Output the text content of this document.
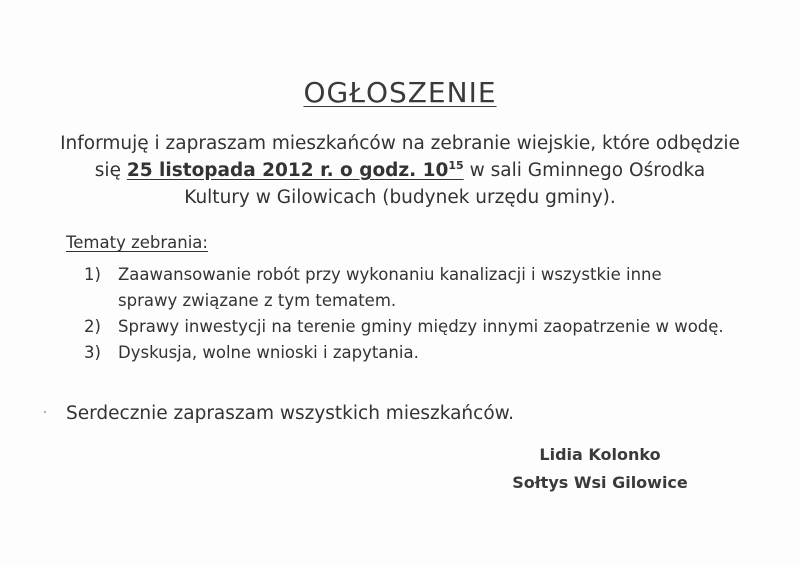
OGŁOSZENIE
Informuję i zapraszam mieszkańców na zebranie wiejskie, które odbędzie się 25 listopada 2012 r. o godz. $10^{15}$ w sali Gminnego Ośrodka Kultury w Gilowicach (budynek urzędu gminy).
Tematy zebrania:
1) Zaawansowanie robót przy wykonaniu kanalizacji i wszystkie inne sprawy związane z tym tematem.
2) Sprawy inwestycji na terenie gminy między innymi zaopatrzenie w wodę.
3) Dyskusja, wolne wnioski i zapytania.
Serdecznie zapraszam wszystkich mieszkańców.
Lidia Kolonko
Sołtys Wsi Gilowice
